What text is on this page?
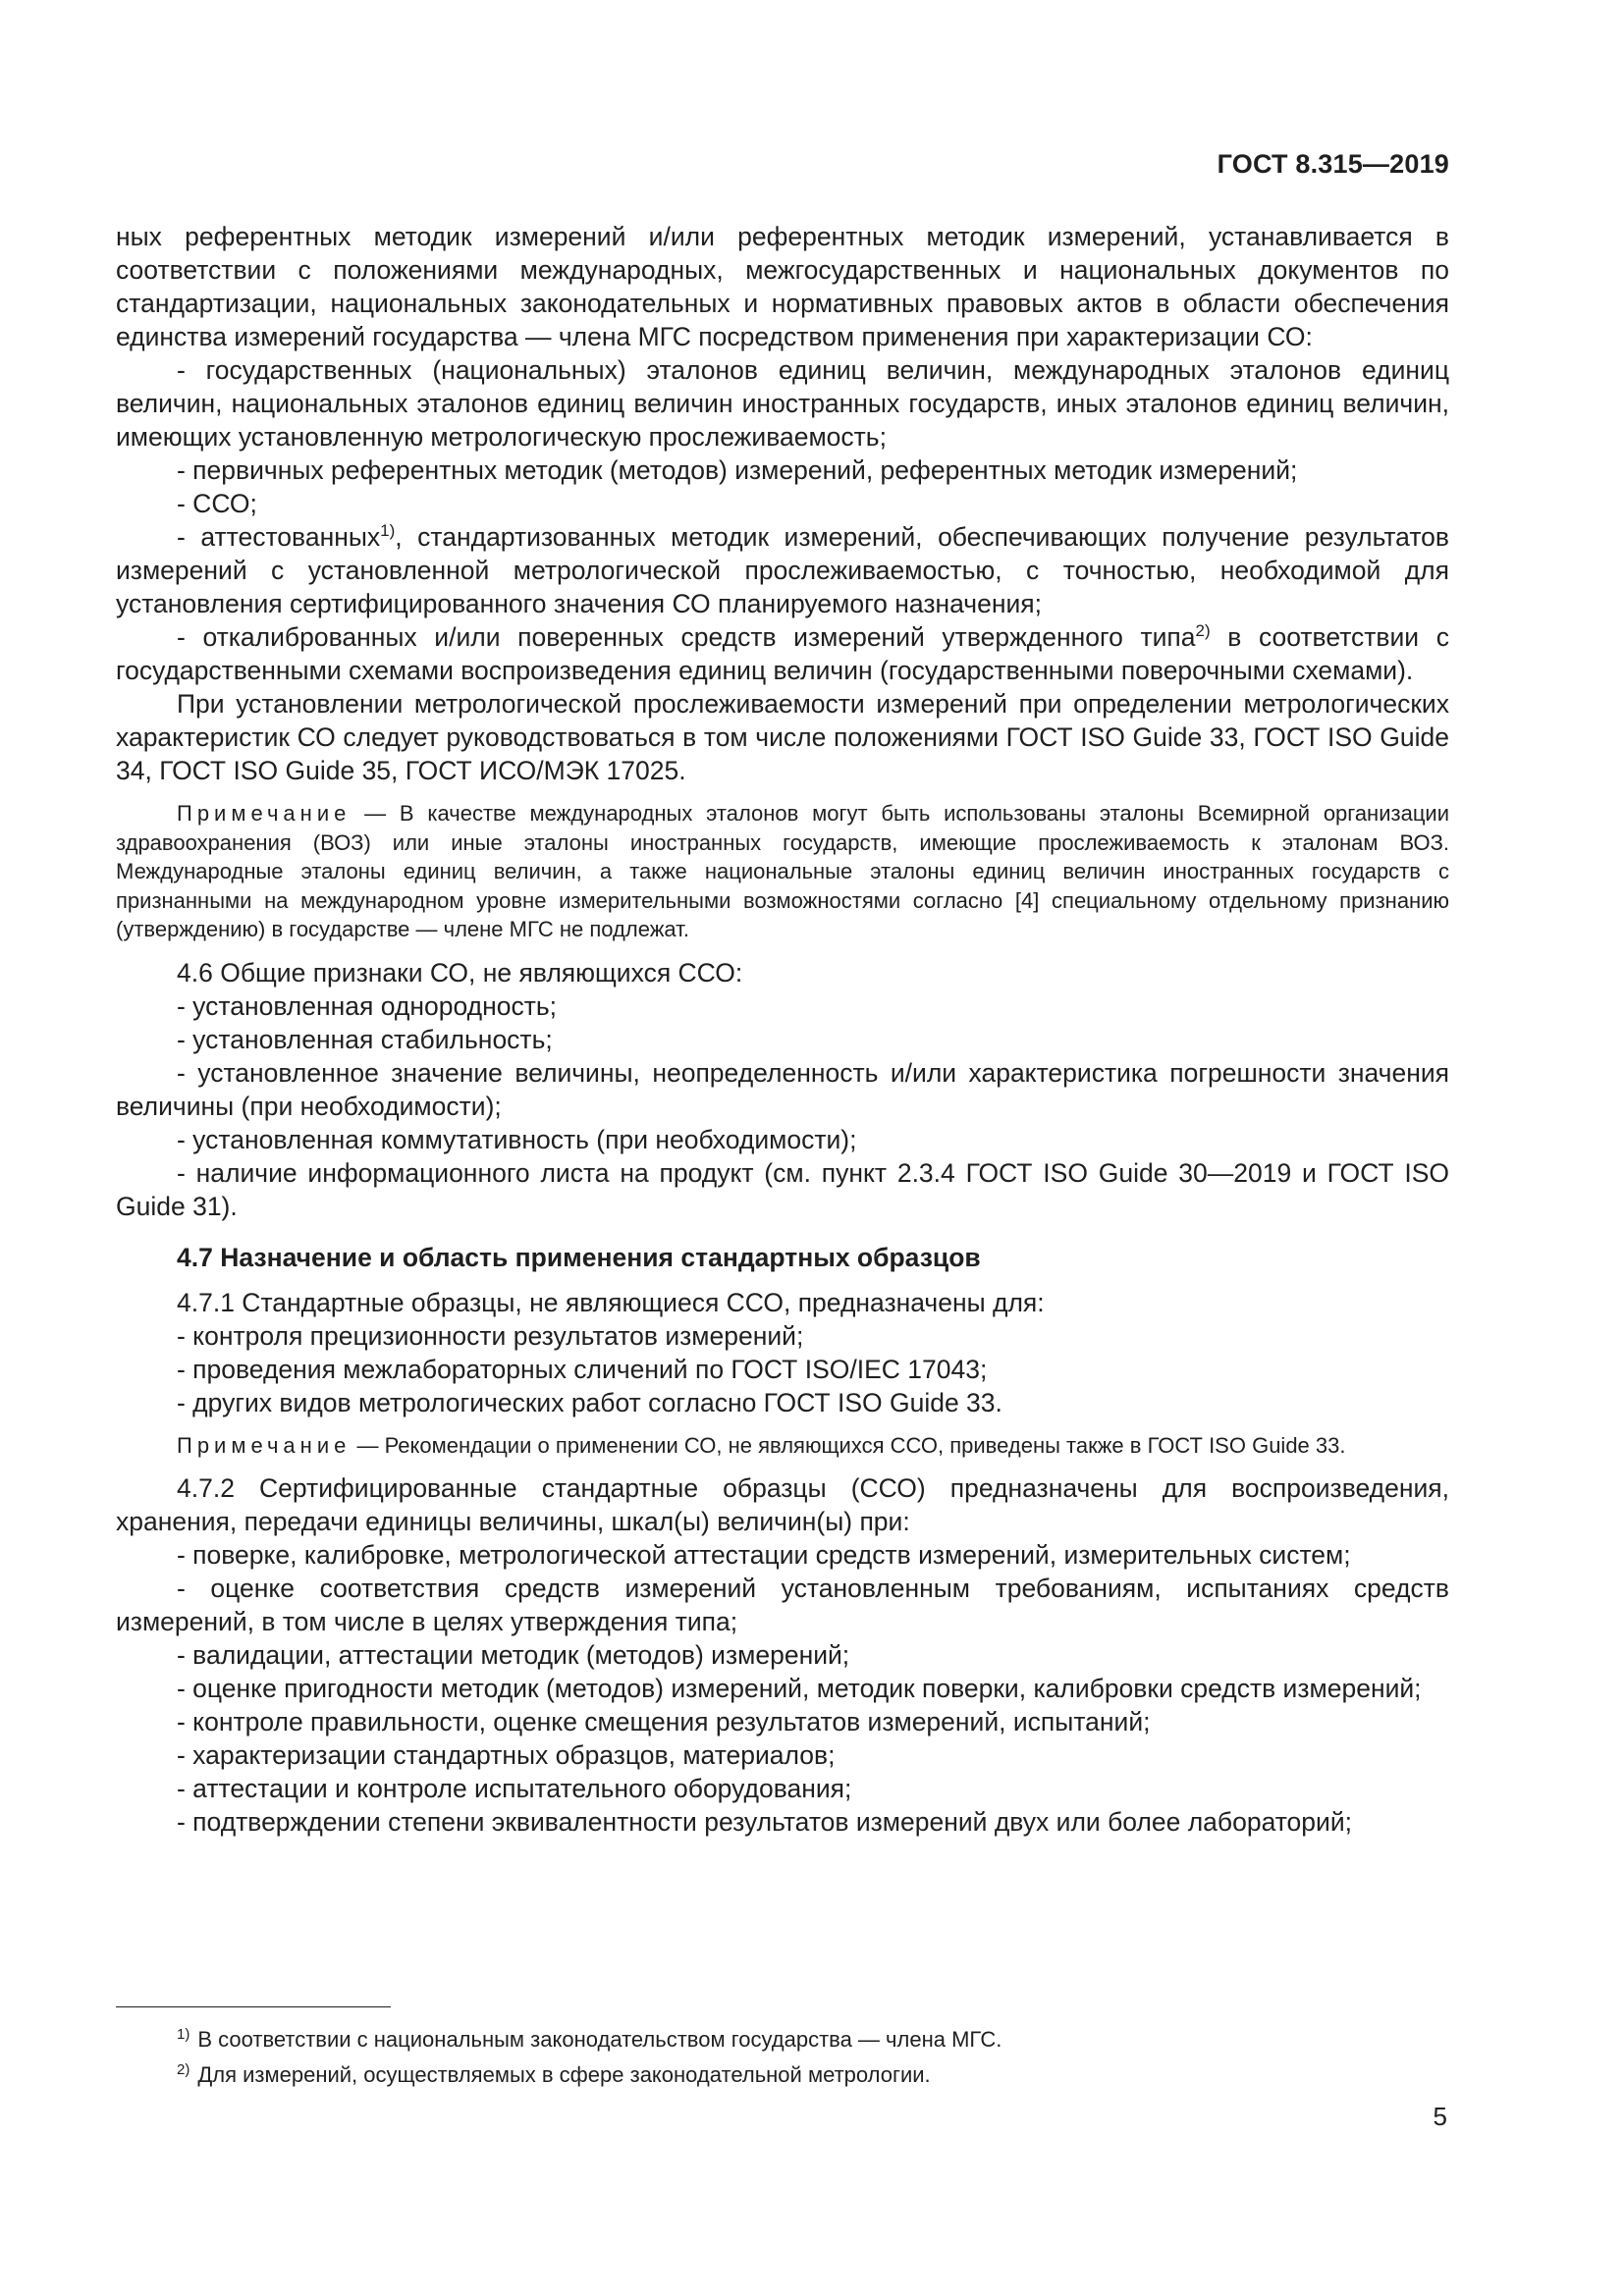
ГОСТ 8.315—2019

ных референтных методик измерений и/или референтных методик измерений, устанавливается в соответствии с положениями международных, межгосударственных и национальных документов по стандартизации, национальных законодательных и нормативных правовых актов в области обеспечения единства измерений государства — члена МГС посредством применения при характеризации СО:

- государственных (национальных) эталонов единиц величин, международных эталонов единиц величин, национальных эталонов единиц величин иностранных государств, иных эталонов единиц величин, имеющих установленную метрологическую прослеживаемость;

- первичных референтных методик (методов) измерений, референтных методик измерений;

- ССО;

- аттестованных$^{1)}$, стандартизованных методик измерений, обеспечивающих получение результатов измерений с установленной метрологической прослеживаемостью, с точностью, необходимой для установления сертифицированного значения СО планируемого назначения;

- откалиброванных и/или поверенных средств измерений утвержденного типа$^{2)}$ в соответствии с государственными схемами воспроизведения единиц величин (государственными поверочными схемами).

При установлении метрологической прослеживаемости измерений при определении метрологических характеристик СО следует руководствоваться в том числе положениями ГОСТ ISO Guide 33, ГОСТ ISO Guide 34, ГОСТ ISO Guide 35, ГОСТ ИСО/МЭК 17025.

Примечание — В качестве международных эталонов могут быть использованы эталоны Всемирной организации здравоохранения (ВОЗ) или иные эталоны иностранных государств, имеющие прослеживаемость к эталонам ВОЗ. Международные эталоны единиц величин, а также национальные эталоны единиц величин иностранных государств с признанными на международном уровне измерительными возможностями согласно [4] специальному отдельному признанию (утверждению) в государстве — члене МГС не подлежат.

4.6 Общие признаки СО, не являющихся ССО:

- установленная однородность;

- установленная стабильность;

- установленное значение величины, неопределенность и/или характеристика погрешности значения величины (при необходимости);

- установленная коммутативность (при необходимости);

- наличие информационного листа на продукт (см. пункт 2.3.4 ГОСТ ISO Guide 30—2019 и ГОСТ ISO Guide 31).

4.7 Назначение и область применения стандартных образцов

4.7.1 Стандартные образцы, не являющиеся ССО, предназначены для:

- контроля прецизионности результатов измерений;

- проведения межлабораторных сличений по ГОСТ ISO/IEC 17043;

- других видов метрологических работ согласно ГОСТ ISO Guide 33.

Примечание — Рекомендации о применении СО, не являющихся ССО, приведены также в ГОСТ ISO Guide 33.

4.7.2 Сертифицированные стандартные образцы (ССО) предназначены для воспроизведения, хранения, передачи единицы величины, шкал(ы) величин(ы) при:

- поверке, калибровке, метрологической аттестации средств измерений, измерительных систем;

- оценке соответствия средств измерений установленным требованиям, испытаниях средств измерений, в том числе в целях утверждения типа;

- валидации, аттестации методик (методов) измерений;

- оценке пригодности методик (методов) измерений, методик поверки, калибровки средств измерений;

- контроле правильности, оценке смещения результатов измерений, испытаний;

- характеризации стандартных образцов, материалов;

- аттестации и контроле испытательного оборудования;

- подтверждении степени эквивалентности результатов измерений двух или более лабораторий;

$^{1)}$ В соответствии с национальным законодательством государства — члена МГС.

$^{2)}$ Для измерений, осуществляемых в сфере законодательной метрологии.

5
